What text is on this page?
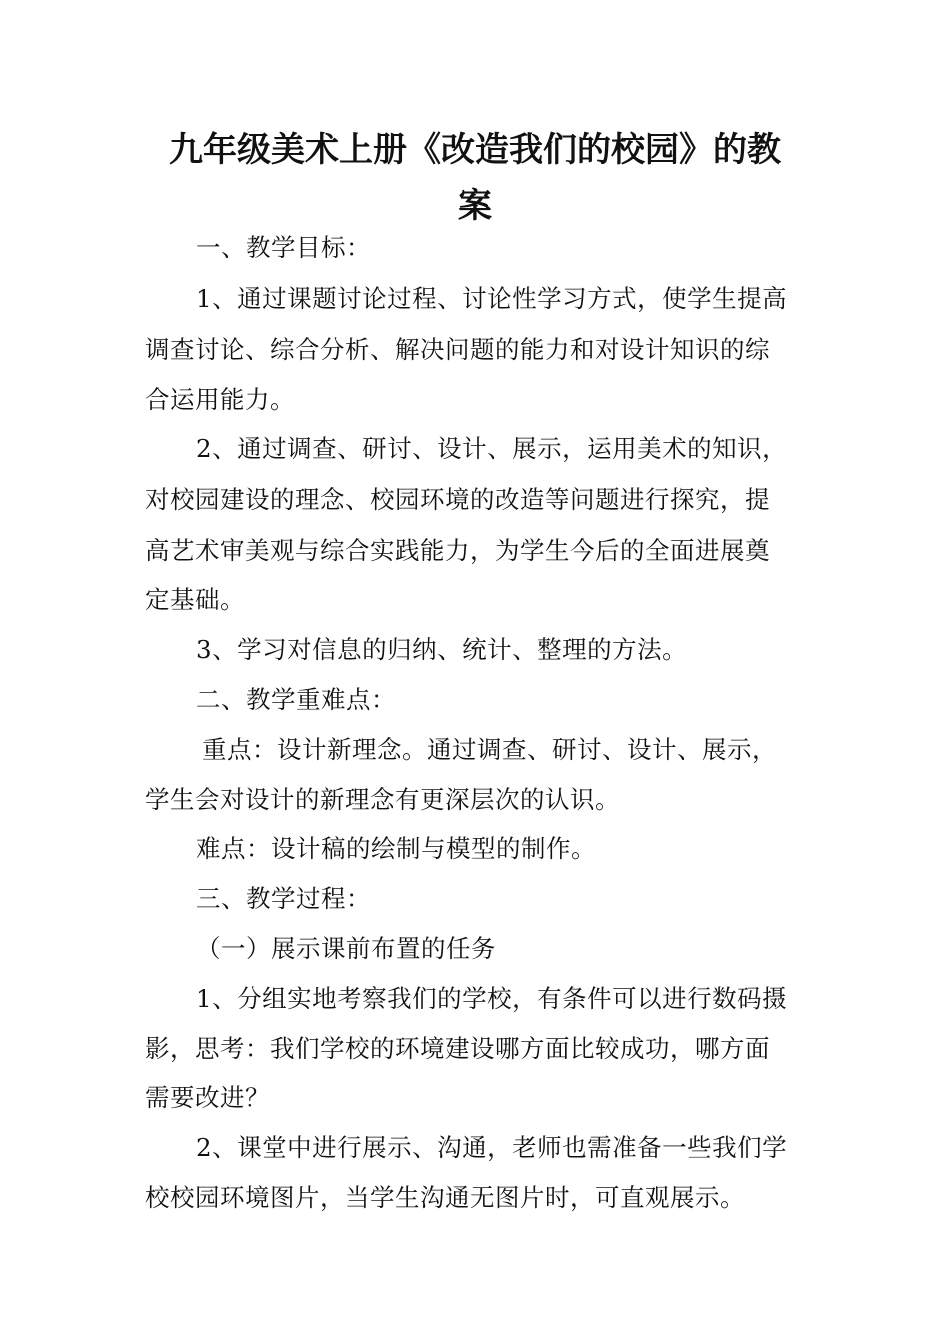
九年级美术上册《改造我们的校园》的教
案
一、教学目标：
1、通过课题讨论过程、讨论性学习方式，使学生提高
调查讨论、综合分析、解决问题的能力和对设计知识的综
合运用能力。
2、通过调查、研讨、设计、展示，运用美术的知识，
对校园建设的理念、校园环境的改造等问题进行探究，提
高艺术审美观与综合实践能力，为学生今后的全面进展奠
定基础。
3、学习对信息的归纳、统计、整理的方法。
二、教学重难点：
重点：设计新理念。通过调查、研讨、设计、展示，
学生会对设计的新理念有更深层次的认识。
难点：设计稿的绘制与模型的制作。
三、教学过程：
（一）展示课前布置的任务
1、分组实地考察我们的学校，有条件可以进行数码摄
影，思考：我们学校的环境建设哪方面比较成功，哪方面
需要改进？
2、课堂中进行展示、沟通，老师也需准备一些我们学
校校园环境图片，当学生沟通无图片时，可直观展示。
